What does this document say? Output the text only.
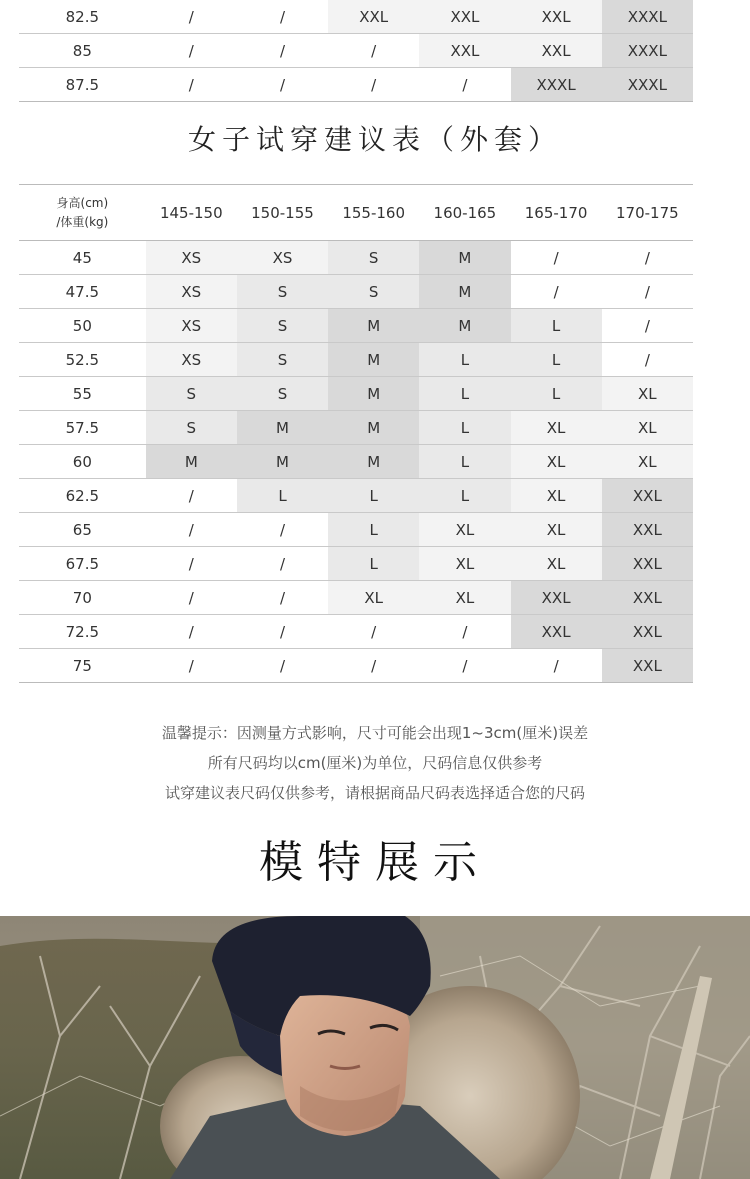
82.5	/	/	XXL	XXL	XXL	XXXL
85	/	/	/	XXL	XXL	XXXL
87.5	/	/	/	/	XXXL	XXXL
女子试穿建议表（外套）
身高(cm)
/体重(kg)	145-150	150-155	155-160	160-165	165-170	170-175
45	XS	XS	S	M	/	/
47.5	XS	S	S	M	/	/
50	XS	S	M	M	L	/
52.5	XS	S	M	L	L	/
55	S	S	M	L	L	XL
57.5	S	M	M	L	XL	XL
60	M	M	M	L	XL	XL
62.5	/	L	L	L	XL	XXL
65	/	/	L	XL	XL	XXL
67.5	/	/	L	XL	XL	XXL
70	/	/	XL	XL	XXL	XXL
72.5	/	/	/	/	XXL	XXL
75	/	/	/	/	/	XXL
温馨提示：因测量方式影响，尺寸可能会出现1~3cm(厘米)误差
所有尺码均以cm(厘米)为单位，尺码信息仅供参考
试穿建议表尺码仅供参考，请根据商品尺码表选择适合您的尺码
模特展示
